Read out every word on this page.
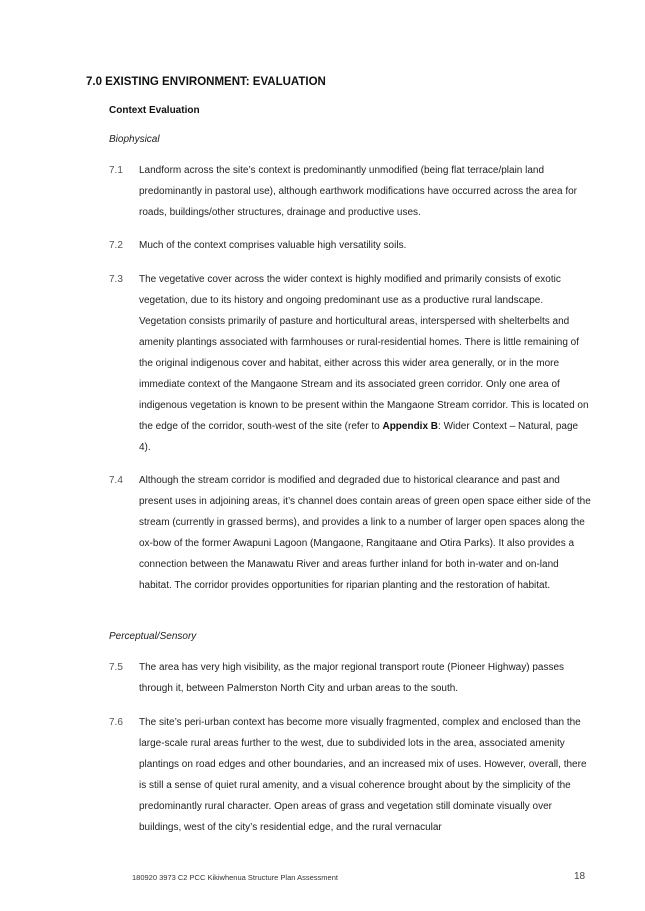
7.0 EXISTING ENVIRONMENT: EVALUATION
Context Evaluation
Biophysical
7.1	Landform across the site’s context is predominantly unmodified (being flat terrace/plain land predominantly in pastoral use), although earthwork modifications have occurred across the area for roads, buildings/other structures, drainage and productive uses.
7.2	Much of the context comprises valuable high versatility soils.
7.3	The vegetative cover across the wider context is highly modified and primarily consists of exotic vegetation, due to its history and ongoing predominant use as a productive rural landscape. Vegetation consists primarily of pasture and horticultural areas, interspersed with shelterbelts and amenity plantings associated with farmhouses or rural-residential homes. There is little remaining of the original indigenous cover and habitat, either across this wider area generally, or in the more immediate context of the Mangaone Stream and its associated green corridor. Only one area of indigenous vegetation is known to be present within the Mangaone Stream corridor. This is located on the edge of the corridor, south-west of the site (refer to Appendix B: Wider Context – Natural, page 4).
7.4	Although the stream corridor is modified and degraded due to historical clearance and past and present uses in adjoining areas, it’s channel does contain areas of green open space either side of the stream (currently in grassed berms), and provides a link to a number of larger open spaces along the ox-bow of the former Awapuni Lagoon (Mangaone, Rangitaane and Otira Parks). It also provides a connection between the Manawatu River and areas further inland for both in-water and on-land habitat. The corridor provides opportunities for riparian planting and the restoration of habitat.
Perceptual/Sensory
7.5	The area has very high visibility, as the major regional transport route (Pioneer Highway) passes through it, between Palmerston North City and urban areas to the south.
7.6	The site’s peri-urban context has become more visually fragmented, complex and enclosed than the large-scale rural areas further to the west, due to subdivided lots in the area, associated amenity plantings on road edges and other boundaries, and an increased mix of uses. However, overall, there is still a sense of quiet rural amenity, and a visual coherence brought about by the simplicity of the predominantly rural character. Open areas of grass and vegetation still dominate visually over buildings, west of the city’s residential edge, and the rural vernacular
180920 3973 C2 PCC Kikiwhenua Structure Plan Assessment	18
